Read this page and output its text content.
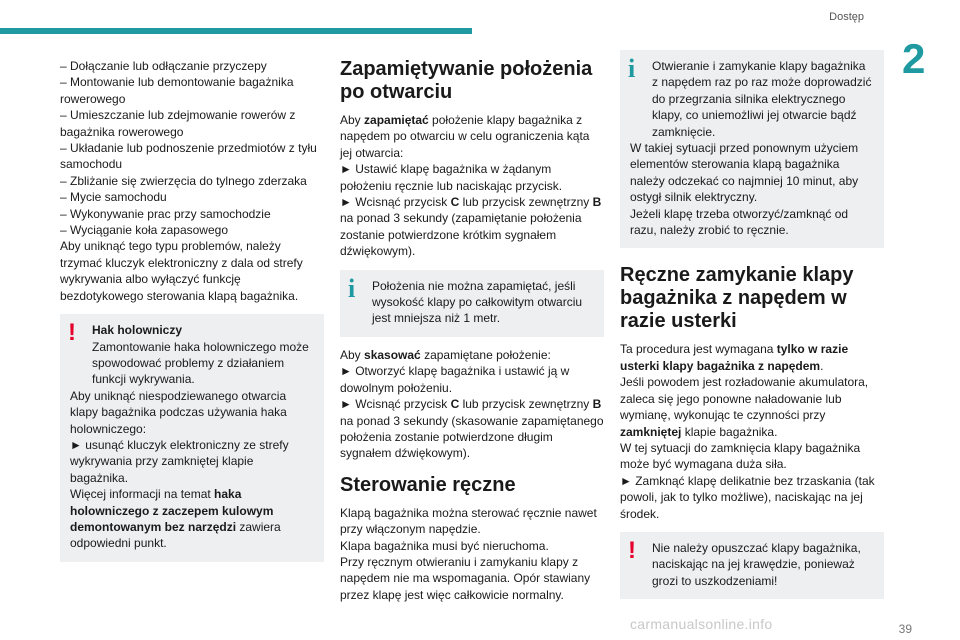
Dostęp
2

– Dołączanie lub odłączanie przyczepy

– Montowanie lub demontowanie bagażnika rowerowego

– Umieszczanie lub zdejmowanie rowerów z bagażnika rowerowego

– Układanie lub podnoszenie przedmiotów z tyłu samochodu

– Zbliżanie się zwierzęcia do tylnego zderzaka

– Mycie samochodu

– Wykonywanie prac przy samochodzie

– Wyciąganie koła zapasowego

Aby uniknąć tego typu problemów, należy trzymać kluczyk elektroniczny z dala od strefy wykrywania albo wyłączyć funkcję bezdotykowego sterowania klapą bagażnika.

!	Hak holowniczy

Zamontowanie haka holowniczego może spowodować problemy z działaniem funkcji wykrywania.

Aby uniknąć niespodziewanego otwarcia klapy bagażnika podczas używania haka holowniczego:

► usunąć kluczyk elektroniczny ze strefy wykrywania przy zamkniętej klapie bagażnika.

Więcej informacji na temat haka holowniczego z zaczepem kulowym demontowanym bez narzędzi zawiera odpowiedni punkt.

Zapamiętywanie położenia po otwarciu

Aby zapamiętać położenie klapy bagażnika z napędem po otwarciu w celu ograniczenia kąta jej otwarcia:

► Ustawić klapę bagażnika w żądanym położeniu ręcznie lub naciskając przycisk.

► Wcisnąć przycisk C lub przycisk zewnętrzny B na ponad 3 sekundy (zapamiętanie położenia zostanie potwierdzone krótkim sygnałem dźwiękowym).

i	Położenia nie można zapamiętać, jeśli wysokość klapy po całkowitym otwarciu jest mniejsza niż 1 metr.

Aby skasować zapamiętane położenie:

► Otworzyć klapę bagażnika i ustawić ją w dowolnym położeniu.

► Wcisnąć przycisk C lub przycisk zewnętrzny B na ponad 3 sekundy (skasowanie zapamiętanego położenia zostanie potwierdzone długim sygnałem dźwiękowym).

Sterowanie ręczne

Klapą bagażnika można sterować ręcznie nawet przy włączonym napędzie.

Klapa bagażnika musi być nieruchoma.

Przy ręcznym otwieraniu i zamykaniu klapy z napędem nie ma wspomagania. Opór stawiany przez klapę jest więc całkowicie normalny.

i	Otwieranie i zamykanie klapy bagażnika z napędem raz po raz może doprowadzić do przegrzania silnika elektrycznego klapy, co uniemożliwi jej otwarcie bądź zamknięcie.

W takiej sytuacji przed ponownym użyciem elementów sterowania klapą bagażnika należy odczekać co najmniej 10 minut, aby ostygł silnik elektryczny.

Jeżeli klapę trzeba otworzyć/zamknąć od razu, należy zrobić to ręcznie.

Ręczne zamykanie klapy bagażnika z napędem w razie usterki

Ta procedura jest wymagana tylko w razie usterki klapy bagażnika z napędem.

Jeśli powodem jest rozładowanie akumulatora, zaleca się jego ponowne naładowanie lub wymianę, wykonując te czynności przy zamkniętej klapie bagażnika.

W tej sytuacji do zamknięcia klapy bagażnika może być wymagana duża siła.

► Zamknąć klapę delikatnie bez trzaskania (tak powoli, jak to tylko możliwe), naciskając na jej środek.

!	Nie należy opuszczać klapy bagażnika, naciskając na jej krawędzie, ponieważ grozi to uszkodzeniami!

39
carmanualsonline.info
